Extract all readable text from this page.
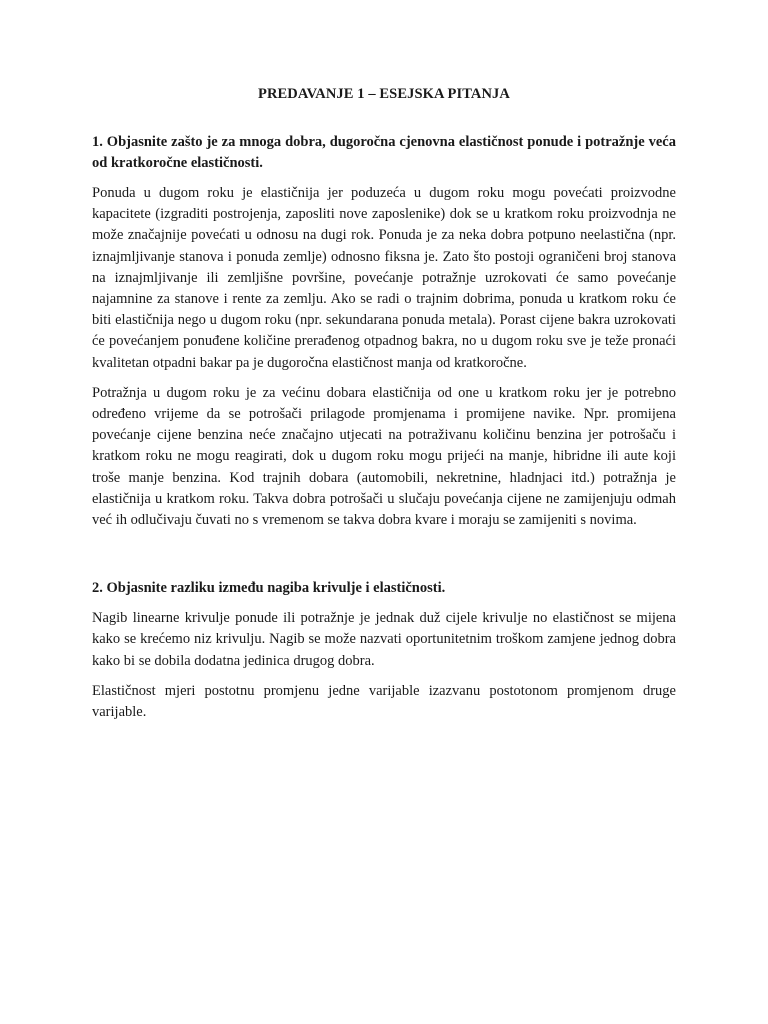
PREDAVANJE 1 – ESEJSKA PITANJA

1. Objasnite zašto je za mnoga dobra, dugoročna cjenovna elastičnost ponude i potražnje veća od kratkoročne elastičnosti.

Ponuda u dugom roku je elastičnija jer poduzeća u dugom roku mogu povećati proizvodne kapacitete (izgraditi postrojenja, zaposliti nove zaposlenike) dok se u kratkom roku proizvodnja ne može značajnije povećati u odnosu na dugi rok. Ponuda je za neka dobra potpuno neelastična (npr. iznajmljivanje stanova i ponuda zemlje) odnosno fiksna je. Zato što postoji ograničeni broj stanova na iznajmljivanje ili zemljišne površine, povećanje potražnje uzrokovati će samo povećanje najamnine za stanove i rente za zemlju. Ako se radi o trajnim dobrima, ponuda u kratkom roku će biti elastičnija nego u dugom roku (npr. sekundarana ponuda metala). Porast cijene bakra uzrokovati će povećanjem ponuđene količine prerađenog otpadnog bakra, no u dugom roku sve je teže pronaći kvalitetan otpadni bakar pa je dugoročna elastičnost manja od kratkoročne.

Potražnja u dugom roku je za većinu dobara elastičnija od one u kratkom roku jer je potrebno određeno vrijeme da se potrošači prilagode promjenama i promijene navike. Npr. promijena povećanje cijene benzina neće značajno utjecati na potraživanu količinu benzina jer potrošaču i kratkom roku ne mogu reagirati, dok u dugom roku mogu prijeći na manje, hibridne ili aute koji troše manje benzina. Kod trajnih dobara (automobili, nekretnine, hladnjaci itd.) potražnja je elastičnija u kratkom roku. Takva dobra potrošači u slučaju povećanja cijene ne zamijenjuju odmah već ih odlučivaju čuvati no s vremenom se takva dobra kvare i moraju se zamijeniti s novima.

2. Objasnite razliku između nagiba krivulje i elastičnosti.

Nagib linearne krivulje ponude ili potražnje je jednak duž cijele krivulje no elastičnost se mijena kako se krećemo niz krivulju. Nagib se može nazvati oportunitetnim troškom zamjene jednog dobra kako bi se dobila dodatna jedinica drugog dobra.

Elastičnost mjeri postotnu promjenu jedne varijable izazvanu postotonom promjenom druge varijable.
